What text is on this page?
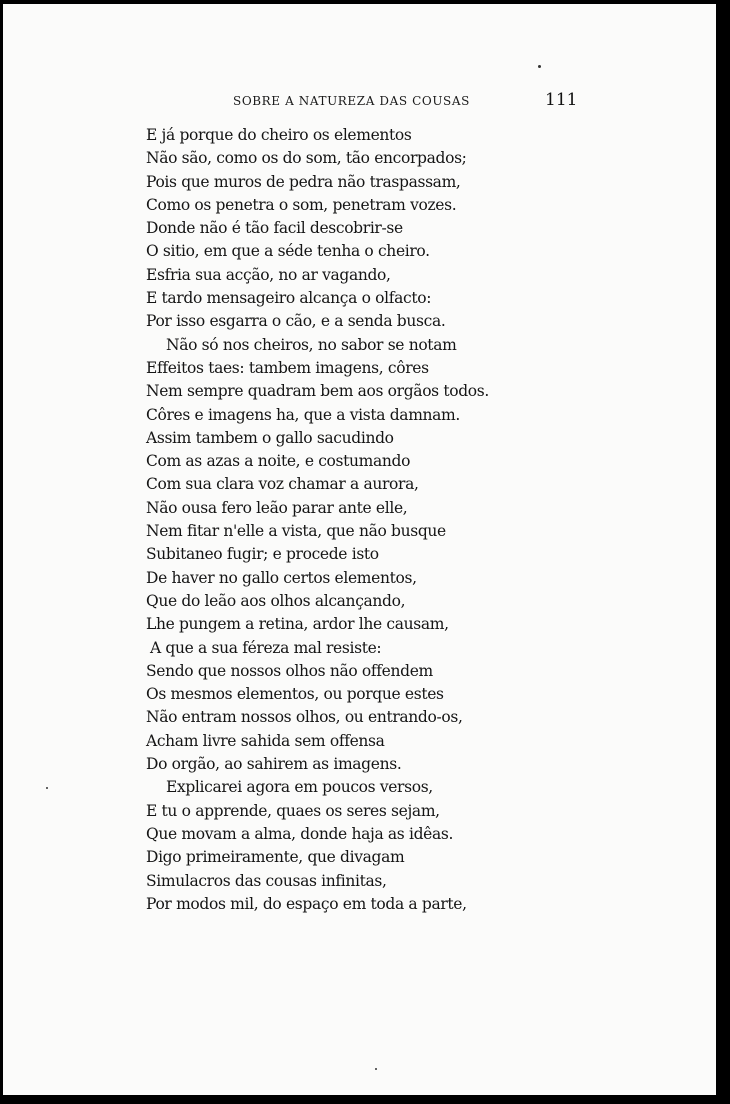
SOBRE A NATUREZA DAS COUSAS	111
E já porque do cheiro os elementos
Não são, como os do som, tão encorpados;
Pois que muros de pedra não traspassam,
Como os penetra o som, penetram vozes.
Donde não é tão facil descobrir-se
O sitio, em que a séde tenha o cheiro.
Esfria sua acção, no ar vagando,
E tardo mensageiro alcança o olfacto:
Por isso esgarra o cão, e a senda busca.
Não só nos cheiros, no sabor se notam
Effeitos taes: tambem imagens, côres
Nem sempre quadram bem aos orgãos todos.
Côres e imagens ha, que a vista damnam.
Assim tambem o gallo sacudindo
Com as azas a noite, e costumando
Com sua clara voz chamar a aurora,
Não ousa fero leão parar ante elle,
Nem fitar n'elle a vista, que não busque
Subitaneo fugir; e procede isto
De haver no gallo certos elementos,
Que do leão aos olhos alcançando,
Lhe pungem a retina, ardor lhe causam,
A que a sua féreza mal resiste:
Sendo que nossos olhos não offendem
Os mesmos elementos, ou porque estes
Não entram nossos olhos, ou entrando-os,
Acham livre sahida sem offensa
Do orgão, ao sahirem as imagens.
Explicarei agora em poucos versos,
E tu o apprende, quaes os seres sejam,
Que movam a alma, donde haja as idêas.
Digo primeiramente, que divagam
Simulacros das cousas infinitas,
Por modos mil, do espaço em toda a parte,
